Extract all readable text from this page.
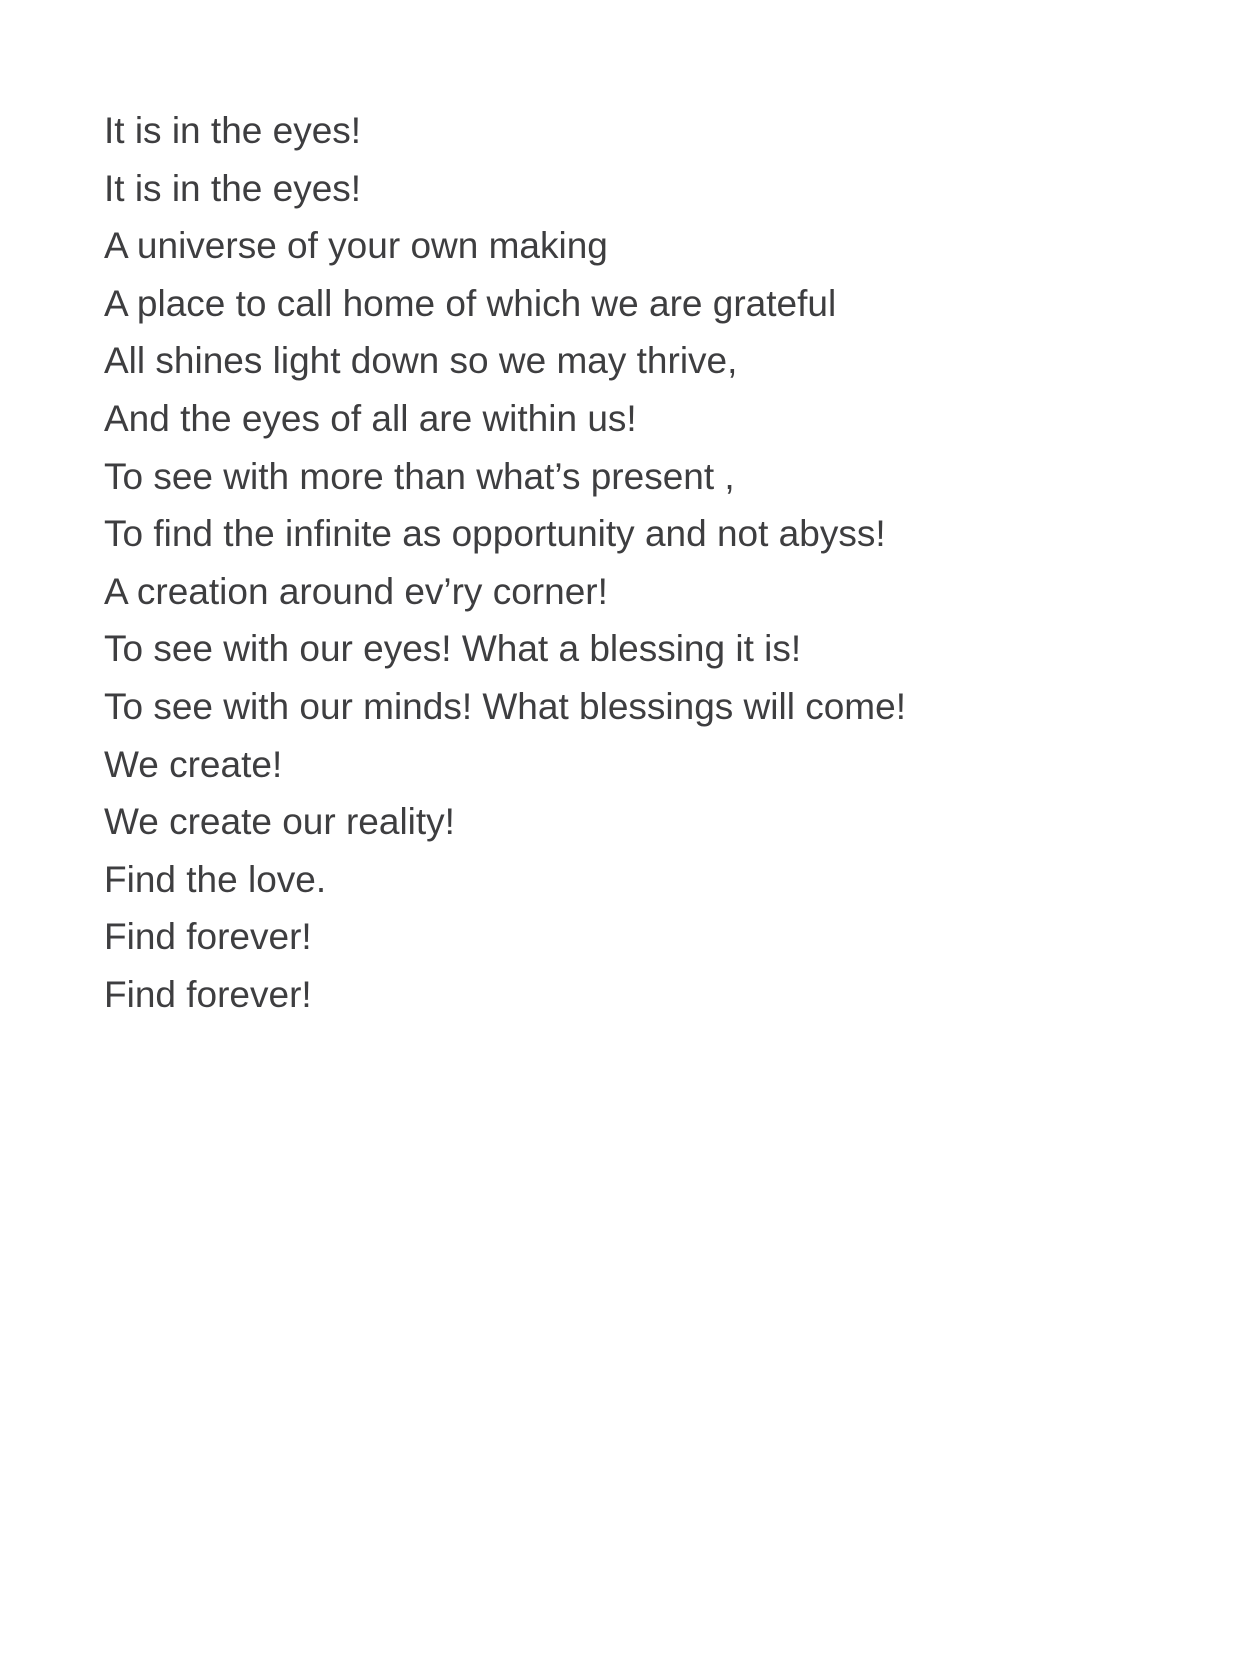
It is in the eyes!
It is in the eyes!
A universe of your own making
A place to call home of which we are grateful
All shines light down so we may thrive,
And the eyes of all are within us!
To see with more than what’s present ,
To find the infinite as opportunity and not abyss!
A creation around ev’ry corner!
To see with our eyes! What a blessing it is!
To see with our minds! What blessings will come!
We create!
We create our reality!
Find the love.
Find forever!
Find forever!
